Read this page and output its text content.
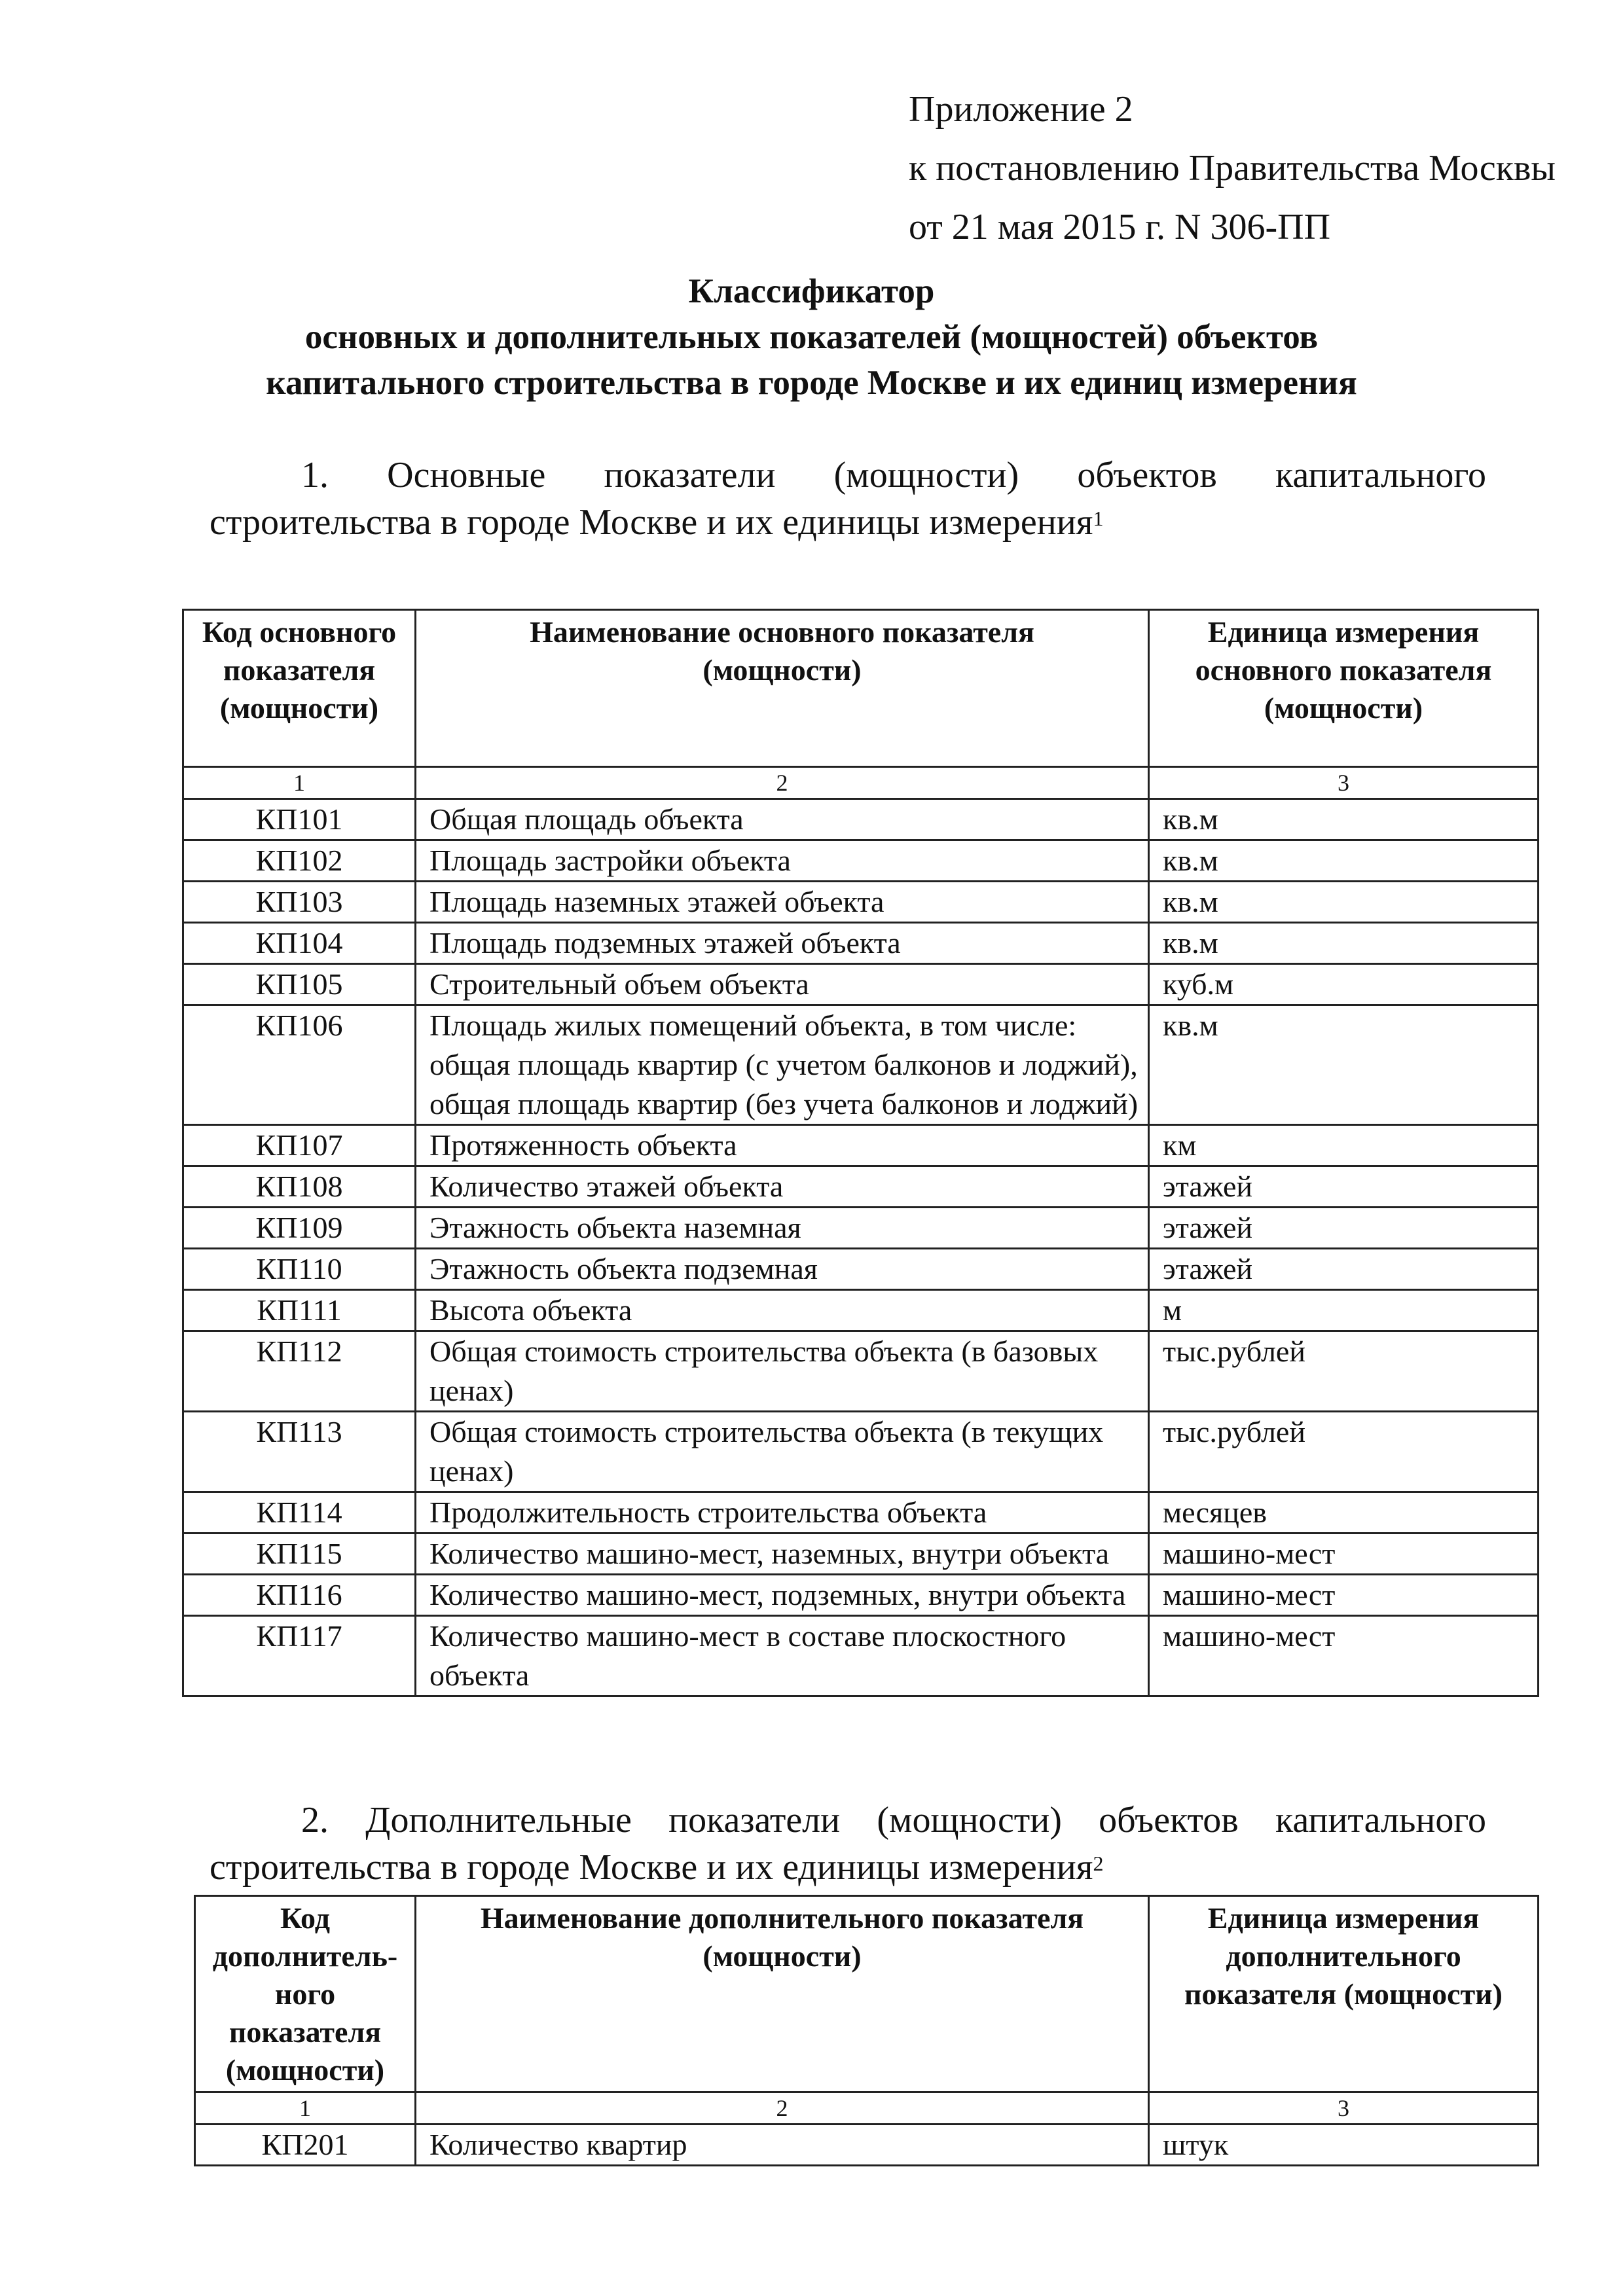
Приложение 2
к постановлению Правительства Москвы
от 21 мая 2015 г. N 306-ПП
Классификатор
основных и дополнительных показателей (мощностей) объектов
капитального строительства в городе Москве и их единиц измерения
1. Основные показатели (мощности) объектов капитального
строительства в городе Москве и их единицы измерения$^1$
Код основного показателя (мощности)	Наименование основного показателя (мощности)	Единица измерения основного показателя (мощности)
1	2	3
КП101	Общая площадь объекта	кв.м
КП102	Площадь застройки объекта	кв.м
КП103	Площадь наземных этажей объекта	кв.м
КП104	Площадь подземных этажей объекта	кв.м
КП105	Строительный объем объекта	куб.м
КП106	Площадь жилых помещений объекта, в том числе: общая площадь квартир (с учетом балконов и лоджий), общая площадь квартир (без учета балконов и лоджий)	кв.м
КП107	Протяженность объекта	км
КП108	Количество этажей объекта	этажей
КП109	Этажность объекта наземная	этажей
КП110	Этажность объекта подземная	этажей
КП111	Высота объекта	м
КП112	Общая стоимость строительства объекта (в базовых ценах)	тыс.рублей
КП113	Общая стоимость строительства объекта (в текущих ценах)	тыс.рублей
КП114	Продолжительность строительства объекта	месяцев
КП115	Количество машино-мест, наземных, внутри объекта	машино-мест
КП116	Количество машино-мест, подземных, внутри объекта	машино-мест
КП117	Количество машино-мест в составе плоскостного объекта	машино-мест
2. Дополнительные показатели (мощности) объектов капитального
строительства в городе Москве и их единицы измерения$^2$
Код дополнитель-ного показателя (мощности)	Наименование дополнительного показателя (мощности)	Единица измерения дополнительного показателя (мощности)
1	2	3
КП201	Количество квартир	штук
